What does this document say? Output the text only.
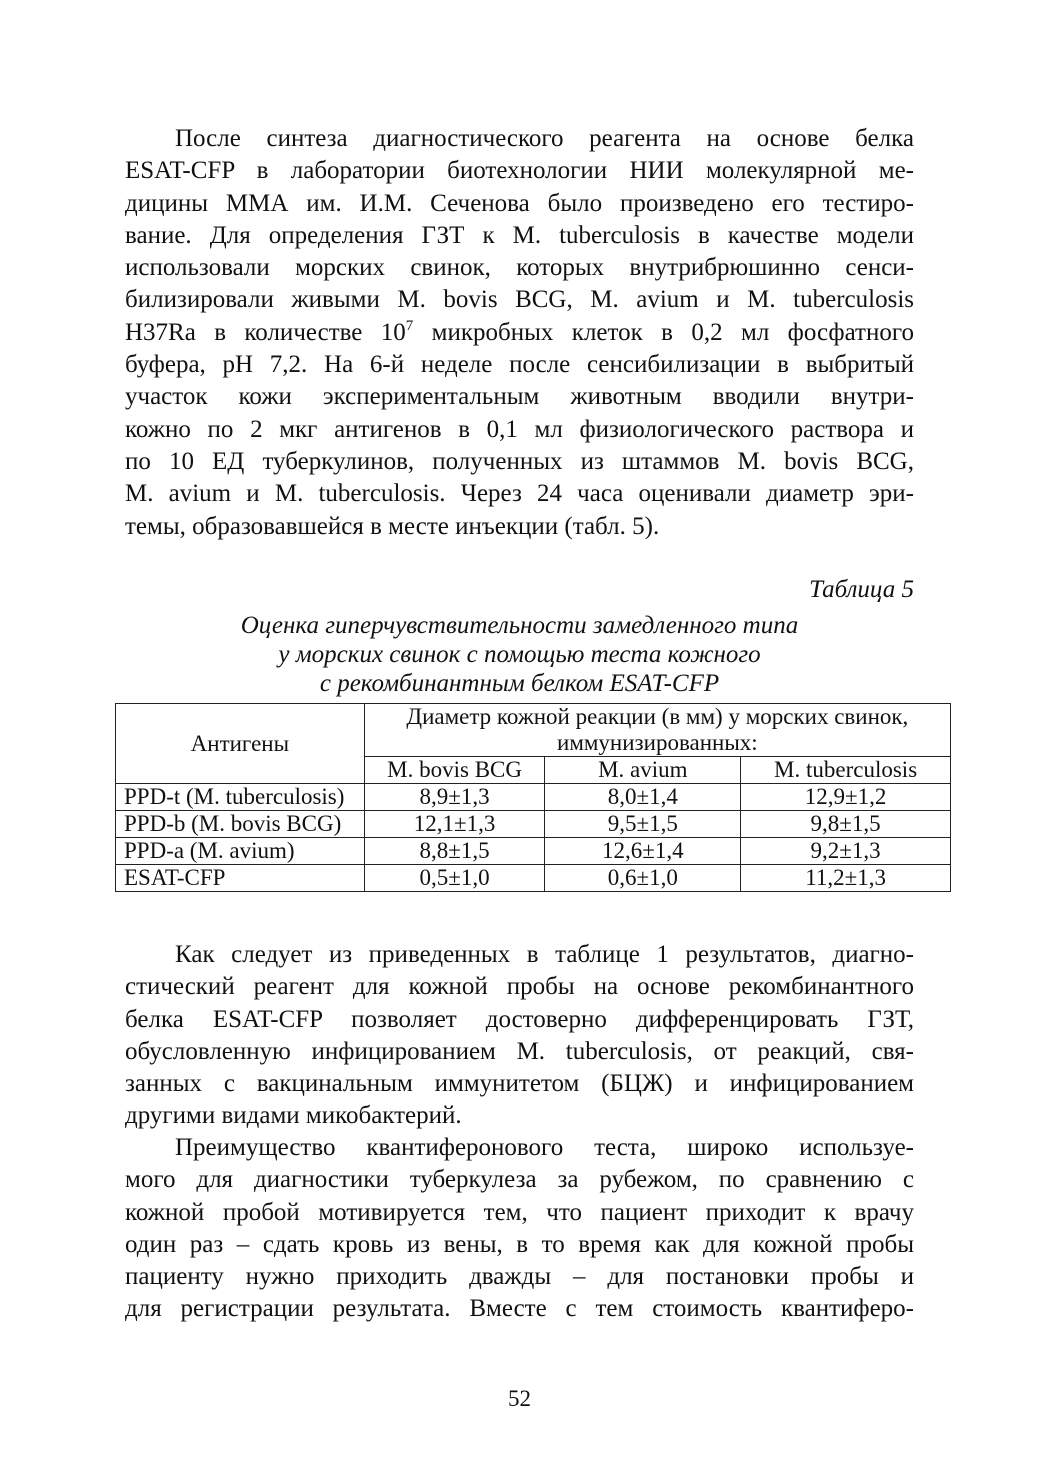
После синтеза диагностического реагента на основе белка
ESAT-CFP в лаборатории биотехнологии НИИ молекулярной ме-
дицины ММА им. И.М. Сеченова было произведено его тестиро-
вание. Для определения ГЗТ к M. tuberculosis в качестве модели
использовали морских свинок, которых внутрибрюшинно сенси-
билизировали живыми M. bovis BCG, M. avium и M. tuberculosis
H37Ra в количестве $10^7$ микробных клеток в 0,2 мл фосфатного
буфера, pH 7,2. На 6-й неделе после сенсибилизации в выбритый
участок кожи экспериментальным животным вводили внутри-
кожно по 2 мкг антигенов в 0,1 мл физиологического раствора и
по 10 ЕД туберкулинов, полученных из штаммов M. bovis BCG,
M. avium и M. tuberculosis. Через 24 часа оценивали диаметр эри-
темы, образовавшейся в месте инъекции (табл. 5).
Таблица 5
Оценка гиперчувствительности замедленного типа
у морских свинок с помощью теста кожного
с рекомбинантным белком ESAT-CFP
Антигены	Диаметр кожной реакции (в мм) у морских свинок,
иммунизированных:		

	M. bovis BCG	M. avium	M. tuberculosis
PPD-t (M. tuberculosis)	8,9±1,3	8,0±1,4	12,9±1,2
PPD-b (M. bovis BCG)	12,1±1,3	9,5±1,5	9,8±1,5
PPD-a (M. avium)	8,8±1,5	12,6±1,4	9,2±1,3
ESAT-CFP	0,5±1,0	0,6±1,0	11,2±1,3
Как следует из приведенных в таблице 1 результатов, диагно-
стический реагент для кожной пробы на основе рекомбинантного
белка ESAT-CFP позволяет достоверно дифференцировать ГЗТ,
обусловленную инфицированием M. tuberculosis, от реакций, свя-
занных с вакцинальным иммунитетом (БЦЖ) и инфицированием
другими видами микобактерий.
Преимущество квантиферонового теста, широко используе-
мого для диагностики туберкулеза за рубежом, по сравнению с
кожной пробой мотивируется тем, что пациент приходит к врачу
один раз – сдать кровь из вены, в то время как для кожной пробы
пациенту нужно приходить дважды – для постановки пробы и
для регистрации результата. Вместе с тем стоимость квантиферо-
52
